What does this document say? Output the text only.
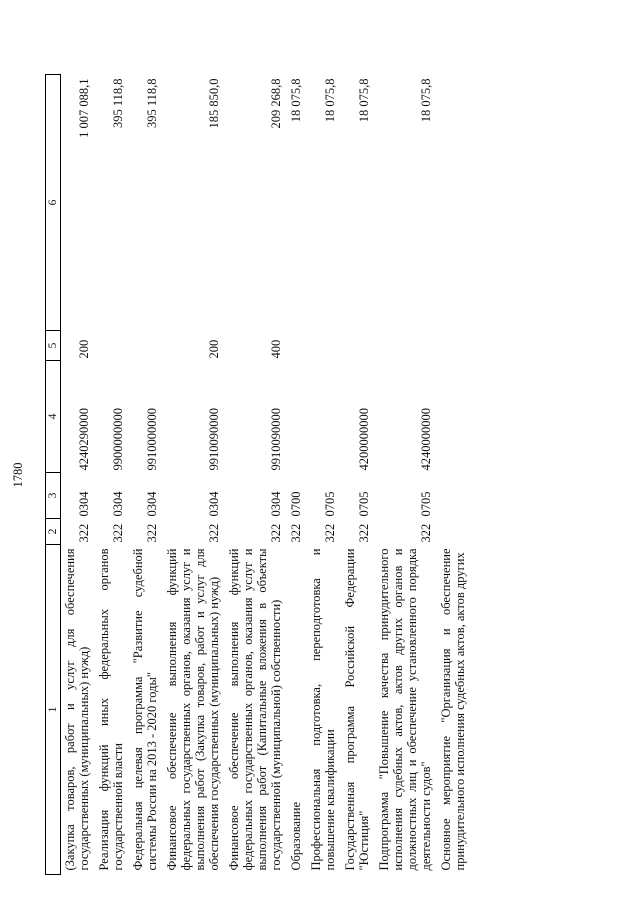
1780
1	2	3	4	5	6
(Закупка товаров, работ и услуг для обеспечения государственных (муниципальных) нужд)	322	0304	4240290000	200	1 007 088,1
Реализация функций иных федеральных органов государственной власти	322	0304	9900000000		395 118,8
Федеральная целевая программа "Развитие судебной системы России на 2013 - 2020 годы"	322	0304	9910000000		395 118,8
Финансовое обеспечение выполнения функций федеральных государственных органов, оказания услуг и выполнения работ (Закупка товаров, работ и услуг для обеспечения государственных (муниципальных) нужд)	322	0304	9910090000	200	185 850,0
Финансовое обеспечение выполнения функций федеральных государственных органов, оказания услуг и выполнения работ (Капитальные вложения в объекты государственной (муниципальной) собственности)	322	0304	9910090000	400	209 268,8
Образование	322	0700			18 075,8
Профессиональная подготовка, переподготовка и повышение квалификации	322	0705			18 075,8
Государственная программа Российской Федерации "Юстиция"	322	0705	4200000000		18 075,8
Подпрограмма "Повышение качества принудительного исполнения судебных актов, актов других органов и должностных лиц и обеспечение установленного порядка деятельности судов"	322	0705	4240000000		18 075,8
Основное мероприятие "Организация и обеспечение принудительного исполнения судебных актов, актов других					
